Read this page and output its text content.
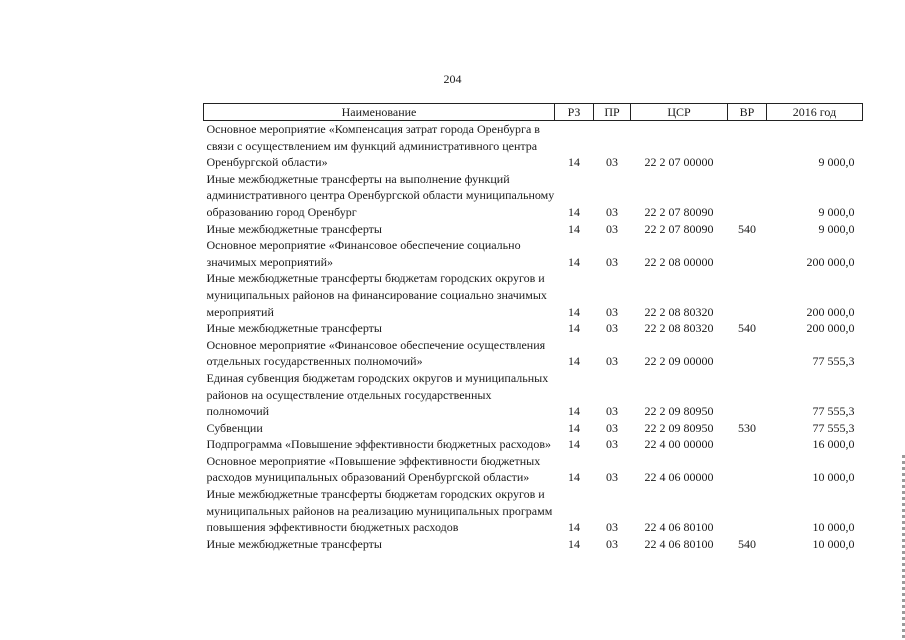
204
Наименование	РЗ	ПР	ЦСР	ВР	2016 год
Основное мероприятие «Компенсация затрат города Оренбурга в связи с осуществлением им функций административного центра Оренбургской области»	14	03	22 2 07 00000		9 000,0
Иные межбюджетные трансферты на выполнение функций административного центра Оренбургской области муниципальному образованию город Оренбург	14	03	22 2 07 80090		9 000,0
Иные межбюджетные трансферты	14	03	22 2 07 80090	540	9 000,0
Основное мероприятие «Финансовое обеспечение социально значимых мероприятий»	14	03	22 2 08 00000		200 000,0
Иные межбюджетные трансферты бюджетам городских округов и муниципальных районов на финансирование социально значимых мероприятий	14	03	22 2 08 80320		200 000,0
Иные межбюджетные трансферты	14	03	22 2 08 80320	540	200 000,0
Основное мероприятие «Финансовое обеспечение осуществления отдельных государственных полномочий»	14	03	22 2 09 00000		77 555,3
Единая субвенция бюджетам городских округов и муниципальных районов на осуществление отдельных государственных полномочий	14	03	22 2 09 80950		77 555,3
Субвенции	14	03	22 2 09 80950	530	77 555,3
Подпрограмма «Повышение эффективности бюджетных расходов»	14	03	22 4 00 00000		16 000,0
Основное мероприятие «Повышение эффективности бюджетных расходов муниципальных образований Оренбургской области»	14	03	22 4 06 00000		10 000,0
Иные межбюджетные трансферты бюджетам городских округов и муниципальных районов на реализацию муниципальных программ повышения эффективности бюджетных расходов	14	03	22 4 06 80100		10 000,0
Иные межбюджетные трансферты	14	03	22 4 06 80100	540	10 000,0
